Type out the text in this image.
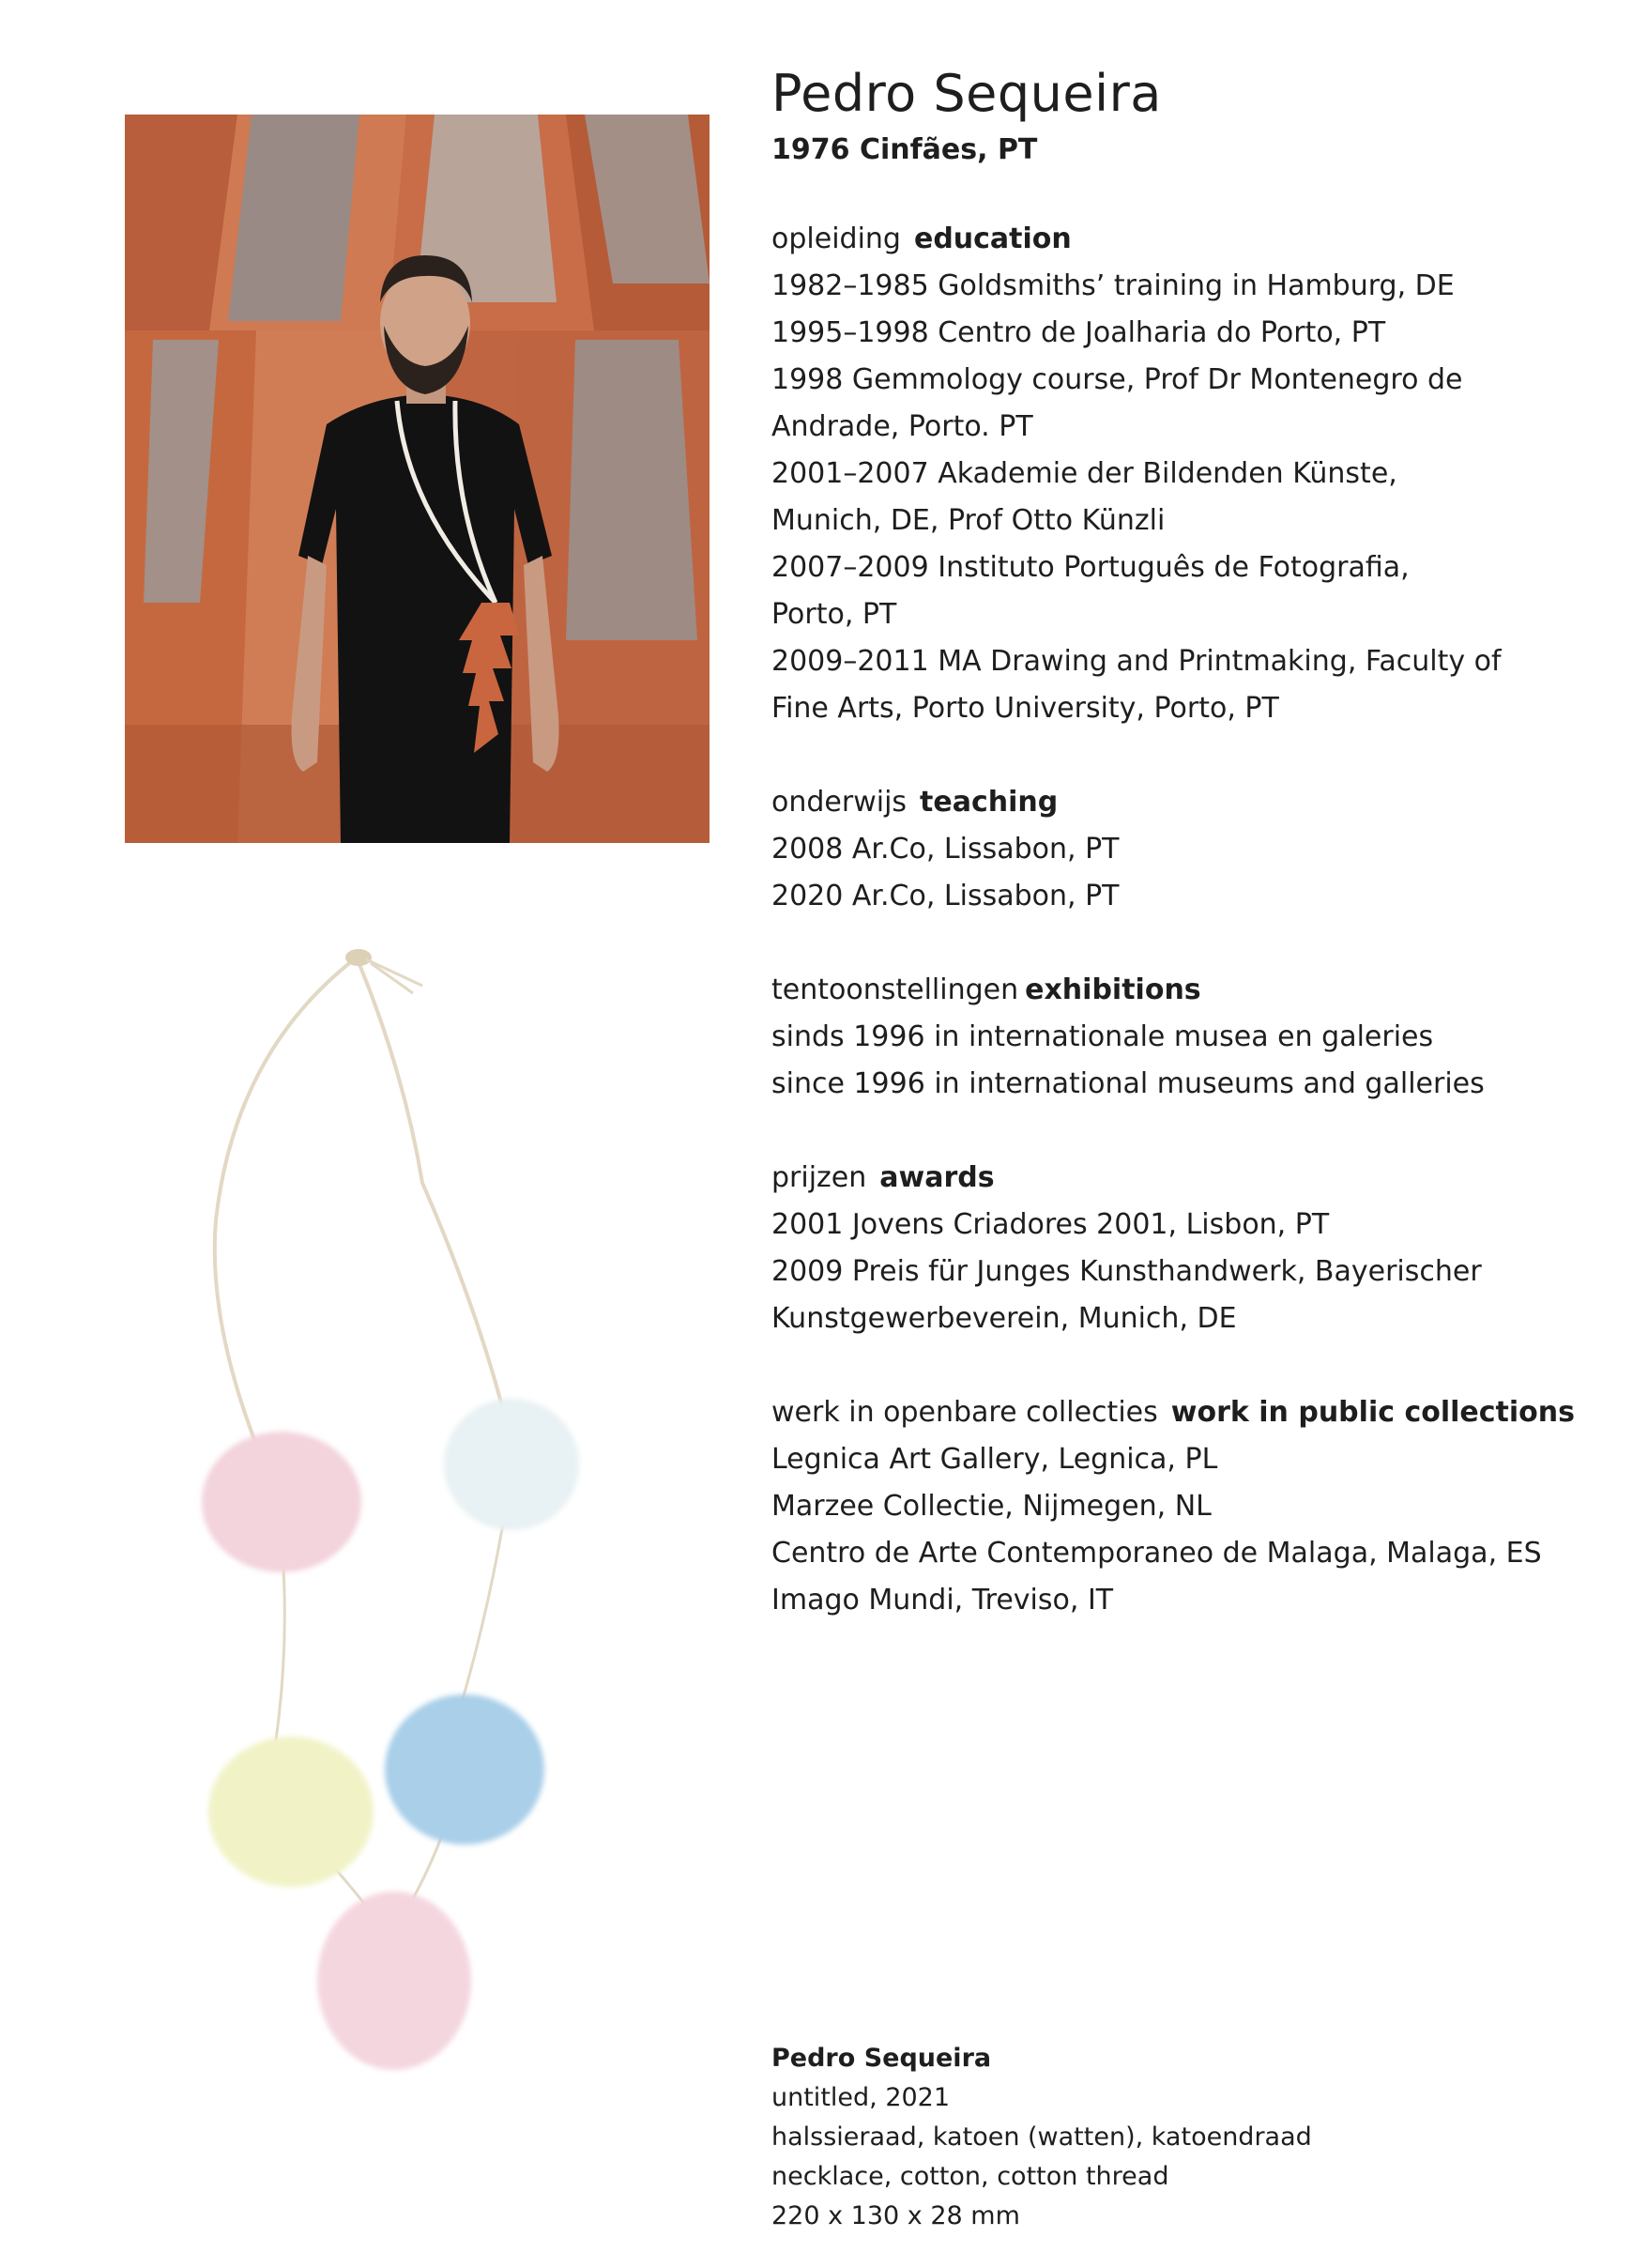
Pedro Sequeira
1976 Cinfães, PT
opleiding education
1982–1985 Goldsmiths’ training in Hamburg, DE
1995–1998 Centro de Joalharia do Porto, PT
1998 Gemmology course, Prof Dr Montenegro de
Andrade, Porto. PT
2001–2007 Akademie der Bildenden Künste,
Munich, DE, Prof Otto Künzli
2007–2009 Instituto Português de Fotografia,
Porto, PT
2009–2011 MA Drawing and Printmaking, Faculty of
Fine Arts, Porto University, Porto, PT
onderwijs teaching
2008 Ar.Co, Lissabon, PT
2020 Ar.Co, Lissabon, PT
tentoonstellingen exhibitions
sinds 1996 in internationale musea en galeries
since 1996 in international museums and galleries
prijzen awards
2001 Jovens Criadores 2001, Lisbon, PT
2009 Preis für Junges Kunsthandwerk, Bayerischer
Kunstgewerbeverein, Munich, DE
werk in openbare collecties work in public collections
Legnica Art Gallery, Legnica, PL
Marzee Collectie, Nijmegen, NL
Centro de Arte Contemporaneo de Malaga, Malaga, ES
Imago Mundi, Treviso, IT
Pedro Sequeira
untitled, 2021
halssieraad, katoen (watten), katoendraad
necklace, cotton, cotton thread
220 x 130 x 28 mm
